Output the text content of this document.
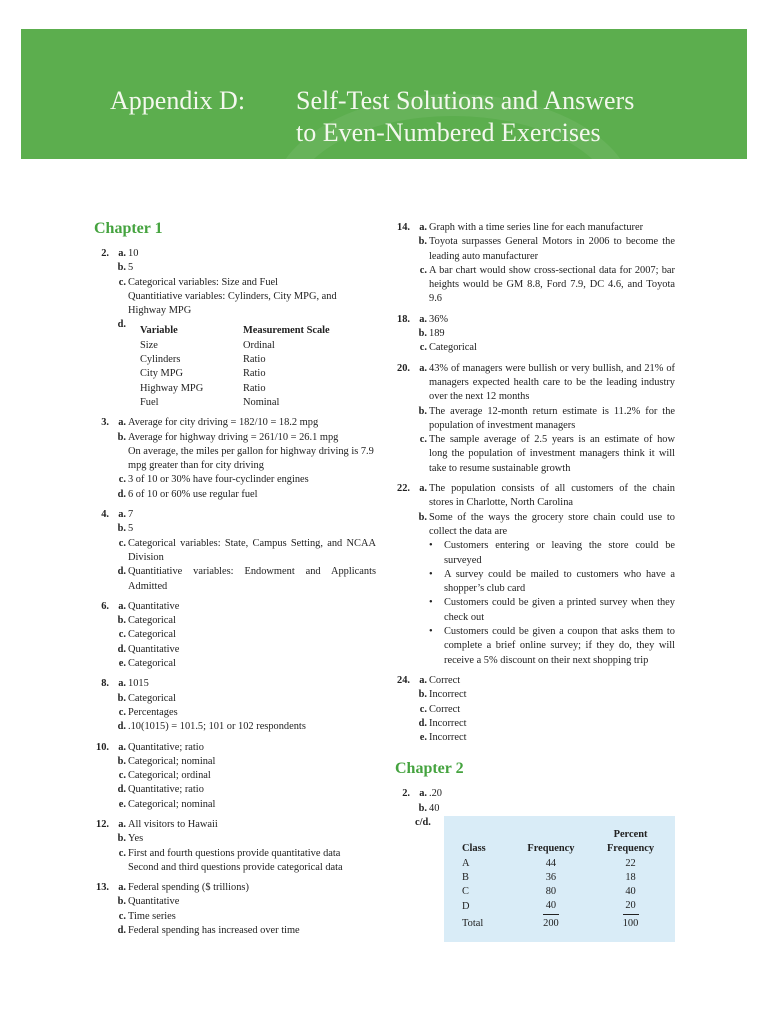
Appendix D: Self-Test Solutions and Answers
to Even-Numbered Exercises
Chapter 1
2. a. 10
b. 5
c. Categorical variables: Size and Fuel
Quantitiative variables: Cylinders, City MPG, and Highway MPG
d.
Variable	Measurement Scale
Size	Ordinal
Cylinders	Ratio
City MPG	Ratio
Highway MPG	Ratio
Fuel	Nominal
3. a. Average for city driving = 182/10 = 18.2 mpg
b. Average for highway driving = 261/10 = 26.1 mpg
On average, the miles per gallon for highway driving is 7.9 mpg greater than for city driving
c. 3 of 10 or 30% have four-cyclinder engines
d. 6 of 10 or 60% use regular fuel
4. a. 7
b. 5
c. Categorical variables: State, Campus Setting, and NCAA Division
d. Quantitiative variables: Endowment and Applicants Admitted
6. a. Quantitative
b. Categorical
c. Categorical
d. Quantitative
e. Categorical
8. a. 1015
b. Categorical
c. Percentages
d. .10(1015) = 101.5; 101 or 102 respondents
10. a. Quantitative; ratio
b. Categorical; nominal
c. Categorical; ordinal
d. Quantitative; ratio
e. Categorical; nominal
12. a. All visitors to Hawaii
b. Yes
c. First and fourth questions provide quantitative data
Second and third questions provide categorical data
13. a. Federal spending ($ trillions)
b. Quantitative
c. Time series
d. Federal spending has increased over time
14. a. Graph with a time series line for each manufacturer
b. Toyota surpasses General Motors in 2006 to become the leading auto manufacturer
c. A bar chart would show cross-sectional data for 2007; bar heights would be GM 8.8, Ford 7.9, DC 4.6, and Toyota 9.6
18. a. 36%
b. 189
c. Categorical
20. a. 43% of managers were bullish or very bullish, and 21% of managers expected health care to be the leading industry over the next 12 months
b. The average 12-month return estimate is 11.2% for the population of investment managers
c. The sample average of 2.5 years is an estimate of how long the population of investment managers think it will take to resume sustainable growth
22. a. The population consists of all customers of the chain stores in Charlotte, North Carolina
b. Some of the ways the grocery store chain could use to collect the data are
• Customers entering or leaving the store could be surveyed
• A survey could be mailed to customers who have a shopper’s club card
• Customers could be given a printed survey when they check out
• Customers could be given a coupon that asks them to complete a brief online survey; if they do, they will receive a 5% discount on their next shopping trip
24. a. Correct
b. Incorrect
c. Correct
d. Incorrect
e. Incorrect
Chapter 2
2. a. .20
b. 40
c/d.
Class	Frequency	Percent
Frequency
A	44	22
B	36	18
C	80	40
D	40	20
Total	200	100
